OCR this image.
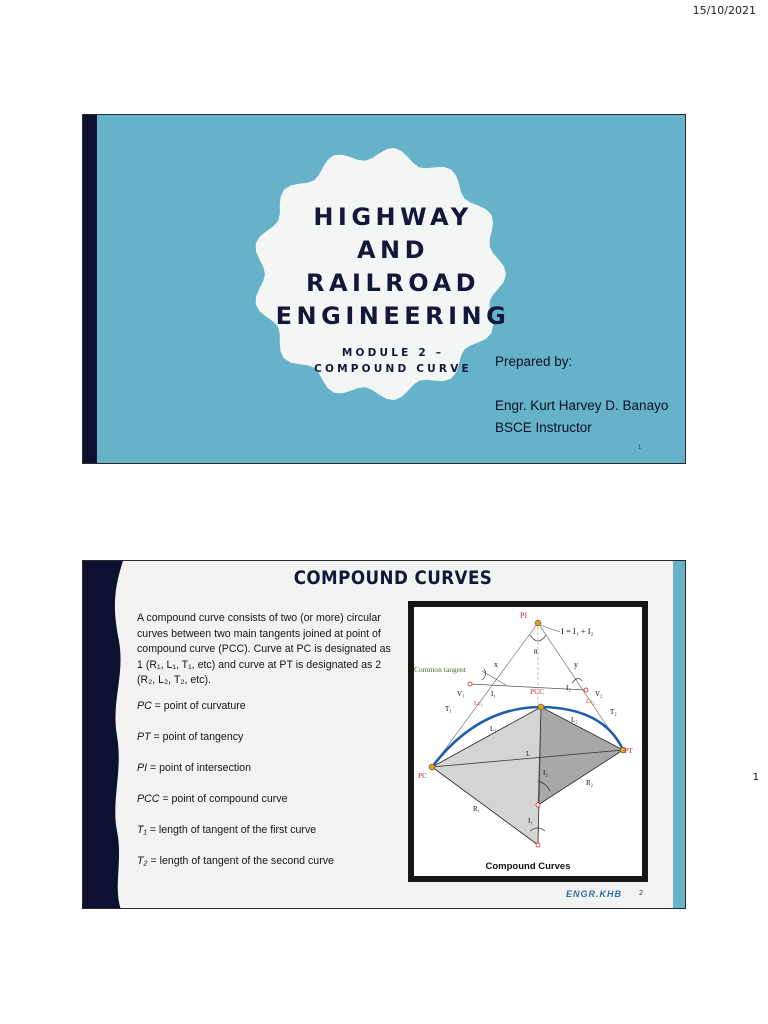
15/10/2021
1
HIGHWAY AND
RAILROAD
ENGINEERING
MODULE 2 –
COMPOUND CURVE	Prepared by:
Engr. Kurt Harvey D. Banayo
BSCE Instructor
1
COMPOUND CURVES
A compound curve consists of two (or more) circular curves between two main tangents joined at point of compound curve (PCC). Curve at PC is designated as 1 (R₁, L₁, T₁, etc) and curve at PT is designated as 2 (R₂, L₂, T₂, etc).
PC = point of curvature
PT = point of tangency
PI = point of intersection
PCC = point of compound curve
T₁ = length of tangent of the first curve
T₂ = length of tangent of the second curve
PI
I = I₁ + I₂
θ
x	y
Common tangent
V₁	I₁	PCC	I₂
V₂
Lc₁	Lc₂
T₁	T₂
L₂
L₁
L
PC
PT
I₂
R₂
R₁
I₁
Compound Curves
ENGR.KHB 2
